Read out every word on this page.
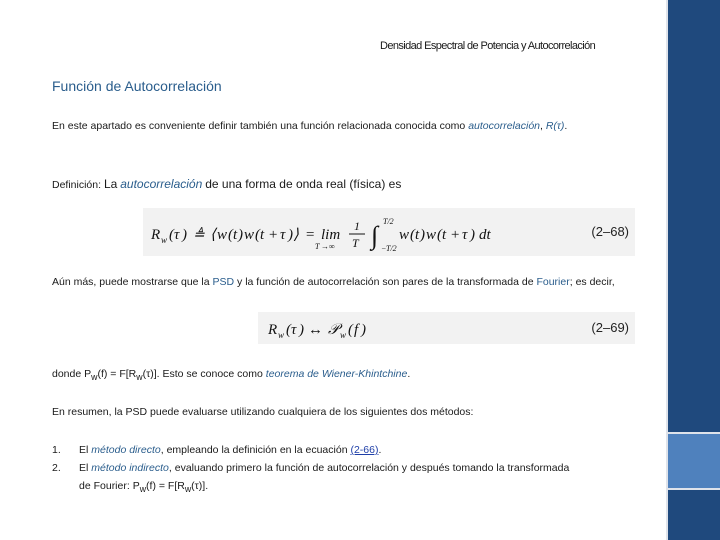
Densidad Espectral de Potencia y Autocorrelación
Función de Autocorrelación
En este apartado es conveniente definir también una función relacionada conocida como autocorrelación, R(τ).
Definición: La autocorrelación de una forma de onda real (física) es
R w ( τ ) ≜ ⟨ w ( t ) w ( t + τ )⟩ = lim
T →∞
1
T ∫ T/2
− T/2
w ( t ) w ( t + τ ) dt	(2–68)
Aún más, puede mostrarse que la PSD y la función de autocorrelación son pares de la transformada de Fourier; es decir,
R w ( τ ) ↔ 𝒫 w ( f )	(2–69)
donde $P_w(f) = F[R_w(\tau)]$. Esto se conoce como teorema de Wiener-Khintchine.
En resumen, la PSD puede evaluarse utilizando cualquiera de los siguientes dos métodos:
1. El método directo, empleando la definición en la ecuación (2-66).
2. El método indirecto, evaluando primero la función de autocorrelación y después tomando la transformada de Fourier: $P_w(f) = F[R_w(\tau)]$.
